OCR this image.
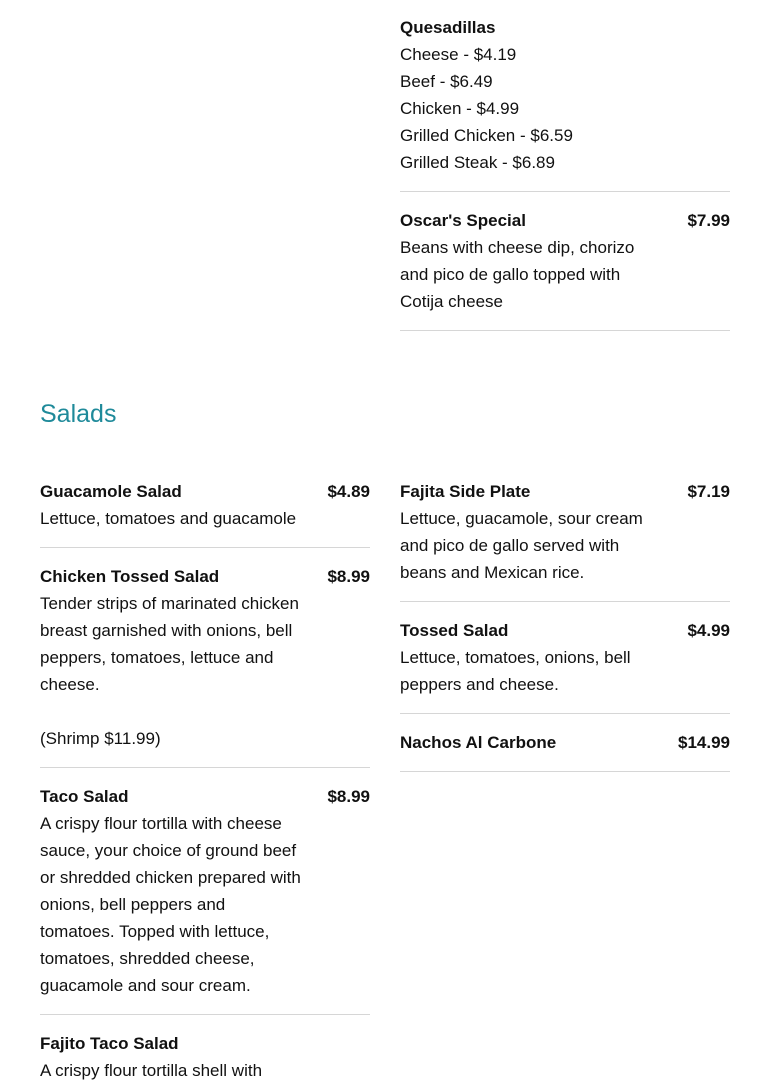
Quesadillas
Cheese - $4.19
Beef - $6.49
Chicken - $4.99
Grilled Chicken - $6.59
Grilled Steak - $6.89
Oscar's Special	$7.99
Beans with cheese dip, chorizo and pico de gallo topped with Cotija cheese
Salads
Guacamole Salad	$4.89
Lettuce, tomatoes and guacamole
Chicken Tossed Salad	$8.99
Tender strips of marinated chicken breast garnished with onions, bell peppers, tomatoes, lettuce and cheese.
(Shrimp $11.99)
Taco Salad	$8.99
A crispy flour tortilla with cheese sauce, your choice of ground beef or shredded chicken prepared with onions, bell peppers and tomatoes. Topped with lettuce, tomatoes, shredded cheese, guacamole and sour cream.
Fajito Taco Salad
A crispy flour tortilla shell with
Fajita Side Plate	$7.19
Lettuce, guacamole, sour cream and pico de gallo served with beans and Mexican rice.
Tossed Salad	$4.99
Lettuce, tomatoes, onions, bell peppers and cheese.
Nachos Al Carbone	$14.99
